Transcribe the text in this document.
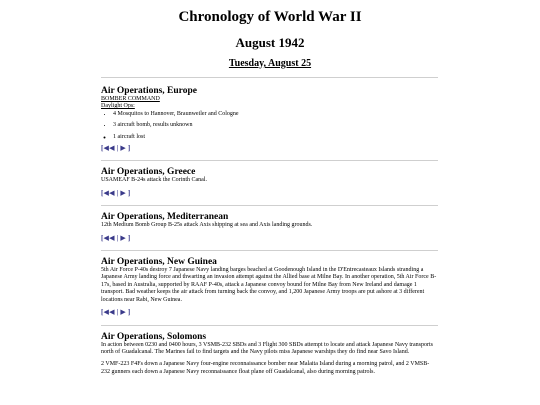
Chronology of World War II
August 1942
Tuesday, August 25
Air Operations, Europe
BOMBER COMMAND
Daylight Ops:
• 4 Mosquitos to Hannover, Braunweiler and Cologne
• 3 aircraft bomb, results unknown
◦ 1 aircraft lost
[◀◀ | ▶ ]
Air Operations, Greece

USAMEAF B-24s attack the Corinth Canal.

[◀◀ | ▶ ]
Air Operations, Mediterranean

12th Medium Bomb Group B-25s attack Axis shipping at sea and Axis landing grounds.

[◀◀ | ▶ ]
Air Operations, New Guinea

5th Air Force P-40s destroy 7 Japanese Navy landing barges beached at Goodenough Island in the D'Entrecasteaux Islands stranding a Japanese Army landing force and thwarting an invasion attempt against the Allied base at Milne Bay. In another operation, 5th Air Force B-17s, based in Australia, supported by RAAF P-40s, attack a Japanese convoy bound for Milne Bay from New Ireland and damage 1 transport. Bad weather keeps the air attack from turning back the convoy, and 1,200 Japanese Army troops are put ashore at 3 different locations near Rabi, New Guinea.

[◀◀ | ▶ ]
Air Operations, Solomons

In action between 0230 and 0400 hours, 3 VSMB-232 SBDs and 3 Flight 300 SBDs attempt to locate and attack Japanese Navy transports north of Guadalcanal. The Marines fail to find targets and the Navy pilots miss Japanese warships they do find near Savo Island.

2 VMF-223 F4Fs down a Japanese Navy four-engine reconnaissance bomber near Malaita Island during a morning patrol, and 2 VMSB-232 gunners each down a Japanese Navy reconnaissance float plane off Guadalcanal, also during morning patrols.
